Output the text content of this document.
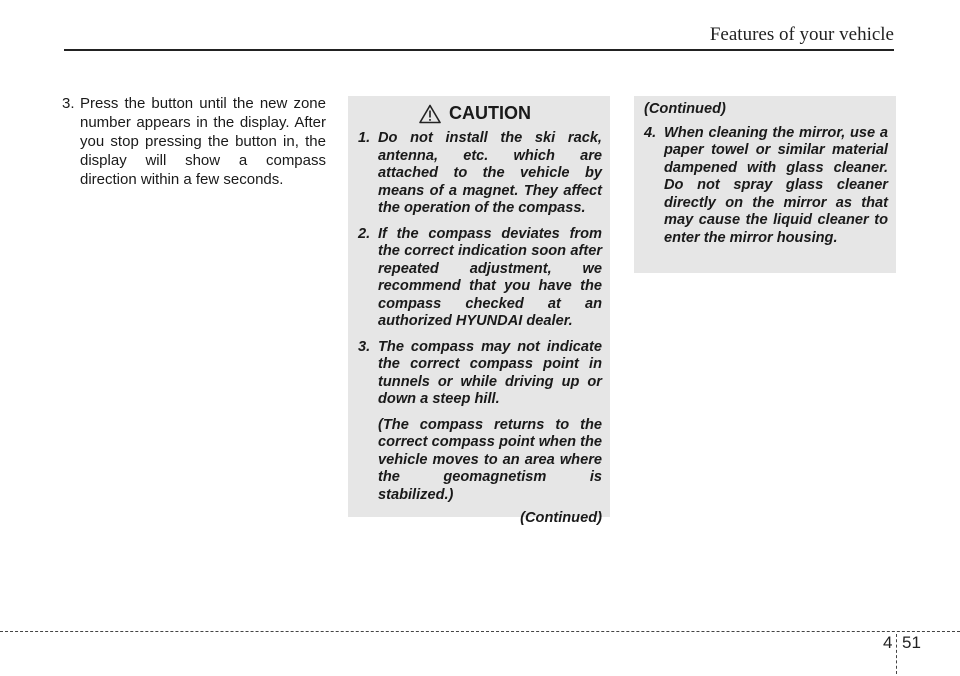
Features of your vehicle
3. Press the button until the new zone number appears in the display. After you stop pressing the button in, the display will show a compass direction within a few seconds.
CAUTION
1. Do not install the ski rack, antenna, etc. which are attached to the vehicle by means of a magnet. They affect the operation of the compass.
2. If the compass deviates from the correct indication soon after repeated adjustment, we recommend that you have the compass checked at an authorized HYUNDAI dealer.
3. The compass may not indicate the correct compass point in tunnels or while driving up or down a steep hill.
(The compass returns to the correct compass point when the vehicle moves to an area where the geomagnetism is stabilized.)
(Continued)
(Continued)
4. When cleaning the mirror, use a paper towel or similar material dampened with glass cleaner. Do not spray glass cleaner directly on the mirror as that may cause the liquid cleaner to enter the mirror housing.
4 51
